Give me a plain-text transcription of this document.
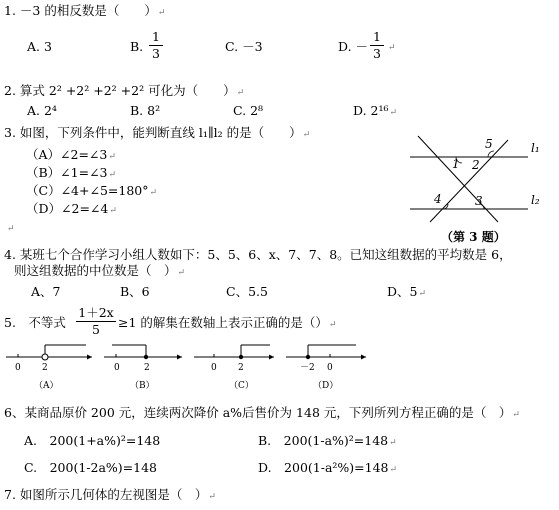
1. －3 的相反数是（　　）↵
A. 3	B.
1
3	C. －3	D. －
1
3 ↵
2. 算式 2² +2² +2² +2² 可化为（　　）↵
A. 2⁴	B. 8²	C. 2⁸	D. 2¹⁶↵
3. 如图，下列条件中，能判断直线 l₁∥l₂ 的是（　　）↵
（A）∠2=∠3↵
（B）∠1=∠3↵
（C）∠4+∠5=180°↵
（D）∠2=∠4↵
↵
5
1 2
4	3
l₁
l₂
（第 3 题）
4. 某班七个合作学习小组人数如下：5、5、6、x、7、7、8。已知这组数据的平均数是 6，
则这组数据的中位数是（　）↵
A、7	B、6	C、5.5	D、5↵
5.　不等式
1＋2x
5	≥1 的解集在数轴上表示正确的是（）↵
0 2
（A）
0	2
（B）
0 2
（C）
－2 0
（D）
6、某商品原价 200 元，连续两次降价 a%后售价为 148 元，下列所列方程正确的是（　）↵
A.　200(1+a%)²=148	B.　200(1-a%)²=148↵
C.　200(1-2a%)=148	D.　200(1-a²%)=148↵
7. 如图所示几何体的左视图是（　）↵
